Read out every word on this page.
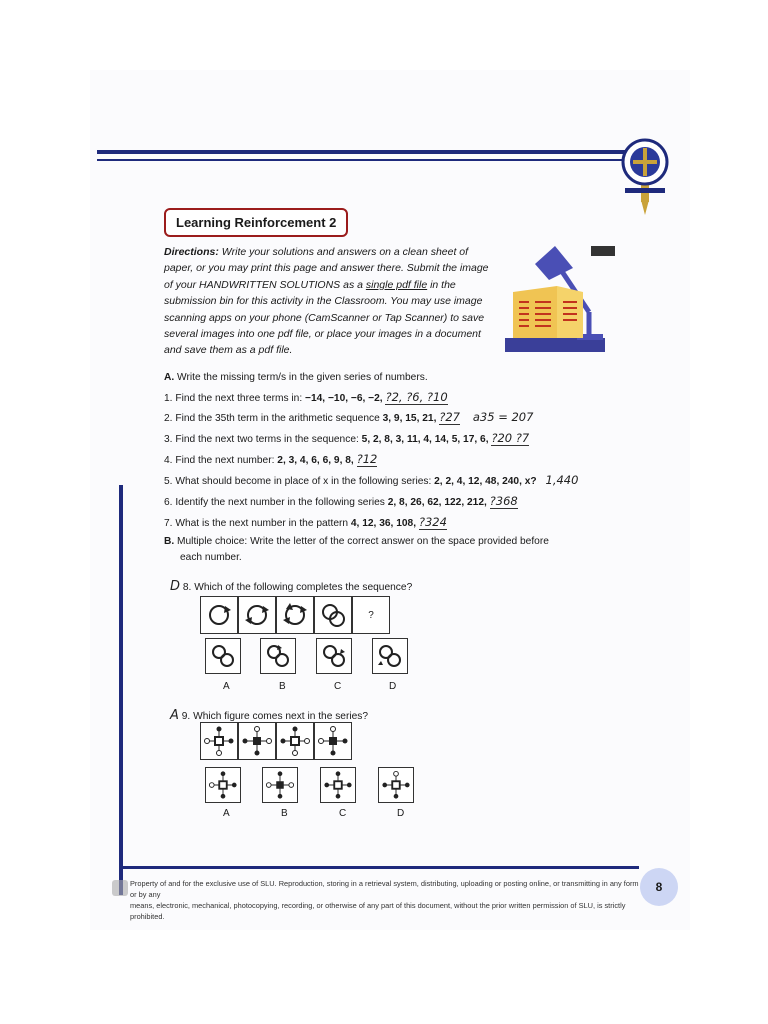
Learning Reinforcement 2
Directions: Write your solutions and answers on a clean sheet of paper, or you may print this page and answer there. Submit the image of your HANDWRITTEN SOLUTIONS as a single pdf file in the submission bin for this activity in the Classroom. You may use image scanning apps on your phone (CamScanner or Tap Scanner) to save several images into one pdf file, or place your images in a document and save them as a pdf file.
A. Write the missing term/s in the given series of numbers.
1. Find the next three terms in: −14, −10, −6, −2, ?2, ?6, ?10
2. Find the 35th term in the arithmetic sequence 3, 9, 15, 21, ?27 a35 = 207
3. Find the next two terms in the sequence: 5, 2, 8, 3, 11, 4, 14, 5, 17, 6, ?20 ?7
4. Find the next number: 2, 3, 4, 6, 6, 9, 8, ?12
5. What should become in place of x in the following series: 2, 2, 4, 12, 48, 240, x? 1,440
6. Identify the next number in the following series 2, 8, 26, 62, 122, 212, ?368
7. What is the next number in the pattern 4, 12, 36, 108, ?324
B. Multiple choice: Write the letter of the correct answer on the space provided before
each number.
D 8. Which of the following completes the sequence?
?
A	B	C	D
A 9. Which figure comes next in the series?
A	B	C	D
Property of and for the exclusive use of SLU. Reproduction, storing in a retrieval system, distributing, uploading or posting online, or transmitting in any form or by any
means, electronic, mechanical, photocopying, recording, or otherwise of any part of this document, without the prior written permission of SLU, is strictly prohibited.
8
